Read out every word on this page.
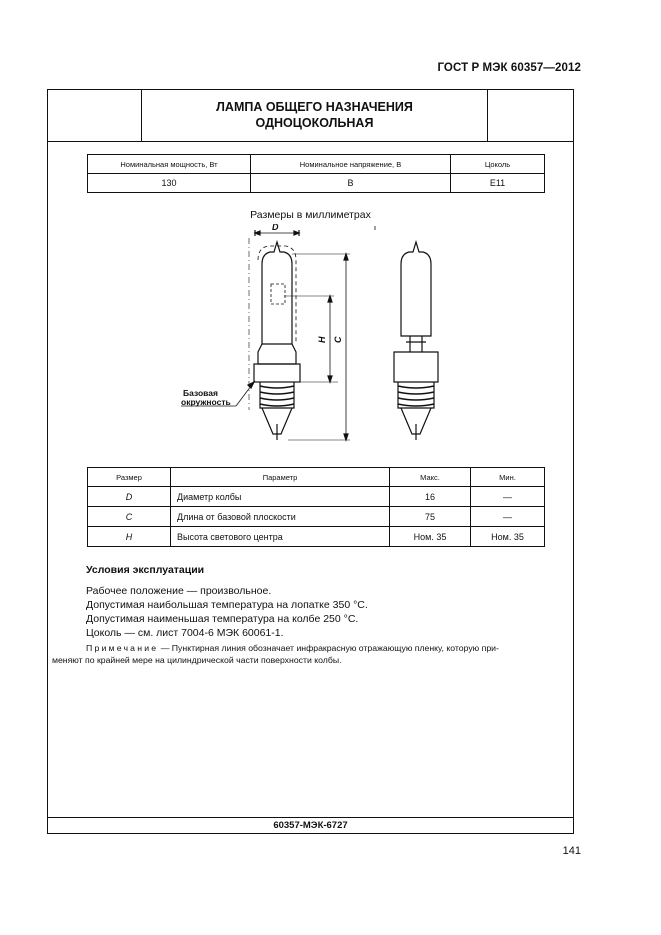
ГОСТ Р МЭК 60357—2012
ЛАМПА ОБЩЕГО НАЗНАЧЕНИЯ
ОДНОЦОКОЛЬНАЯ
Номинальная мощность, Вт	Номинальное напряжение, В	Цоколь
130	В	E11
Размеры в миллиметрах
D
H C
Базовая
окружность
Размер	Параметр	Макс.	Мин.
D	Диаметр колбы	16	—
C	Длина от базовой плоскости	75	—
H	Высота светового центра	Ном. 35	Ном. 35
Условия эксплуатации
Рабочее положение — произвольное.
Допустимая наибольшая температура на лопатке 350 °С.
Допустимая наименьшая температура на колбе 250 °С.
Цоколь — см. лист 7004-6 МЭК 60061-1.
Примечание — Пунктирная линия обозначает инфракрасную отражающую пленку, которую при-
меняют по крайней мере на цилиндрической части поверхности колбы.
60357-МЭК-6727
141
